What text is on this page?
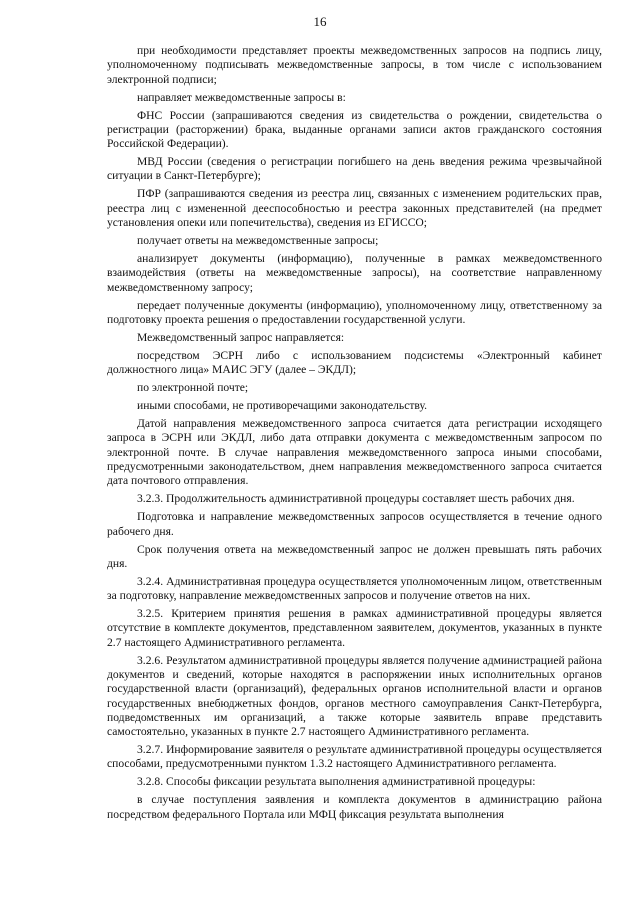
16

при необходимости представляет проекты межведомственных запросов на подпись лицу, уполномоченному подписывать межведомственные запросы, в том числе с использованием электронной подписи;

направляет межведомственные запросы в:

ФНС России (запрашиваются сведения из свидетельства о рождении, свидетельства о регистрации (расторжении) брака, выданные органами записи актов гражданского состояния Российской Федерации).

МВД России (сведения о регистрации погибшего на день введения режима чрезвычайной ситуации в Санкт-Петербурге);

ПФР (запрашиваются сведения из реестра лиц, связанных с изменением родительских прав, реестра лиц с измененной дееспособностью и реестра законных представителей (на предмет установления опеки или попечительства), сведения из ЕГИССО;

получает ответы на межведомственные запросы;

анализирует документы (информацию), полученные в рамках межведомственного взаимодействия (ответы на межведомственные запросы), на соответствие направленному межведомственному запросу;

передает полученные документы (информацию), уполномоченному лицу, ответственному за подготовку проекта решения о предоставлении государственной услуги.

Межведомственный запрос направляется:

посредством ЭСРН либо с использованием подсистемы «Электронный кабинет должностного лица» МАИС ЭГУ (далее – ЭКДЛ);

по электронной почте;

иными способами, не противоречащими законодательству.

Датой направления межведомственного запроса считается дата регистрации исходящего запроса в ЭСРН или ЭКДЛ, либо дата отправки документа с межведомственным запросом по электронной почте. В случае направления межведомственного запроса иными способами, предусмотренными законодательством, днем направления межведомственного запроса считается дата почтового отправления.

3.2.3. Продолжительность административной процедуры составляет шесть рабочих дня.

Подготовка и направление межведомственных запросов осуществляется в течение одного рабочего дня.

Срок получения ответа на межведомственный запрос не должен превышать пять рабочих дня.

3.2.4. Административная процедура осуществляется уполномоченным лицом, ответственным за подготовку, направление межведомственных запросов и получение ответов на них.

3.2.5. Критерием принятия решения в рамках административной процедуры является отсутствие в комплекте документов, представленном заявителем, документов, указанных в пункте 2.7 настоящего Административного регламента.

3.2.6. Результатом административной процедуры является получение администрацией района документов и сведений, которые находятся в распоряжении иных исполнительных органов государственной власти (организаций), федеральных органов исполнительной власти и органов государственных внебюджетных фондов, органов местного самоуправления Санкт-Петербурга, подведомственных им организаций, а также которые заявитель вправе представить самостоятельно, указанных в пункте 2.7 настоящего Административного регламента.

3.2.7. Информирование заявителя о результате административной процедуры осуществляется способами, предусмотренными пунктом 1.3.2 настоящего Административного регламента.

3.2.8. Способы фиксации результата выполнения административной процедуры:

в случае поступления заявления и комплекта документов в администрацию района посредством федерального Портала или МФЦ фиксация результата выполнения
